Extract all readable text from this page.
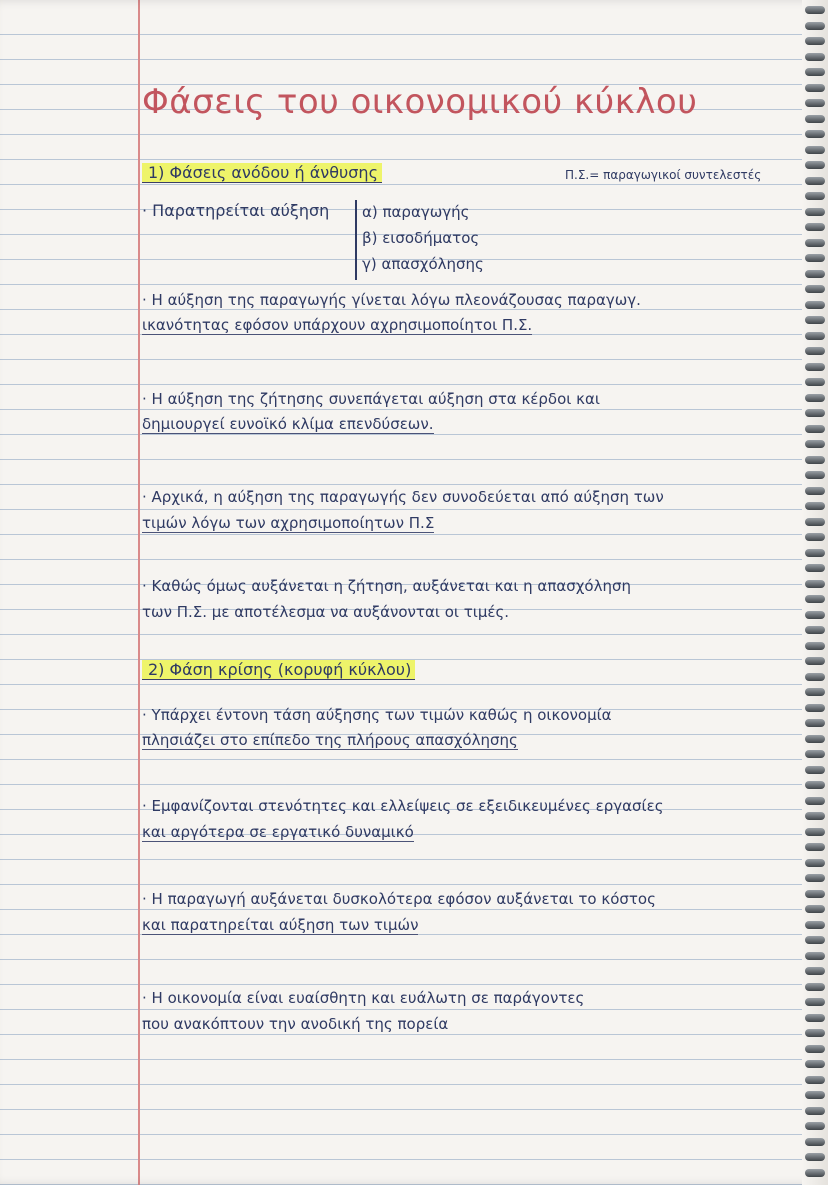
Φάσεις του οικονομικού κύκλου
1) Φάσεις ανόδου ή άνθυσης	Π.Σ.= παραγωγικοί συντελεστές
· Παρατηρείται αύξηση α) παραγωγής
β) εισοδήματος
γ) απασχόλησης
· Η αύξηση της παραγωγής γίνεται λόγω πλεονάζουσας παραγωγ.
ικανότητας εφόσον υπάρχουν αχρησιμοποίητοι Π.Σ.
· Η αύξηση της ζήτησης συνεπάγεται αύξηση στα κέρδοι και
δημιουργεί ευνοϊκό κλίμα επενδύσεων.
· Αρχικά, η αύξηση της παραγωγής δεν συνοδεύεται από αύξηση των
τιμών λόγω των αχρησιμοποίητων Π.Σ
· Καθώς όμως αυξάνεται η ζήτηση, αυξάνεται και η απασχόληση
των Π.Σ. με αποτέλεσμα να αυξάνονται οι τιμές.
2) Φάση κρίσης (κορυφή κύκλου)
· Υπάρχει έντονη τάση αύξησης των τιμών καθώς η οικονομία
πλησιάζει στο επίπεδο της πλήρους απασχόλησης
· Εμφανίζονται στενότητες και ελλείψεις σε εξειδικευμένες εργασίες
και αργότερα σε εργατικό δυναμικό
· Η παραγωγή αυξάνεται δυσκολότερα εφόσον αυξάνεται το κόστος
και παρατηρείται αύξηση των τιμών
· Η οικονομία είναι ευαίσθητη και ευάλωτη σε παράγοντες
που ανακόπτουν την ανοδική της πορεία
